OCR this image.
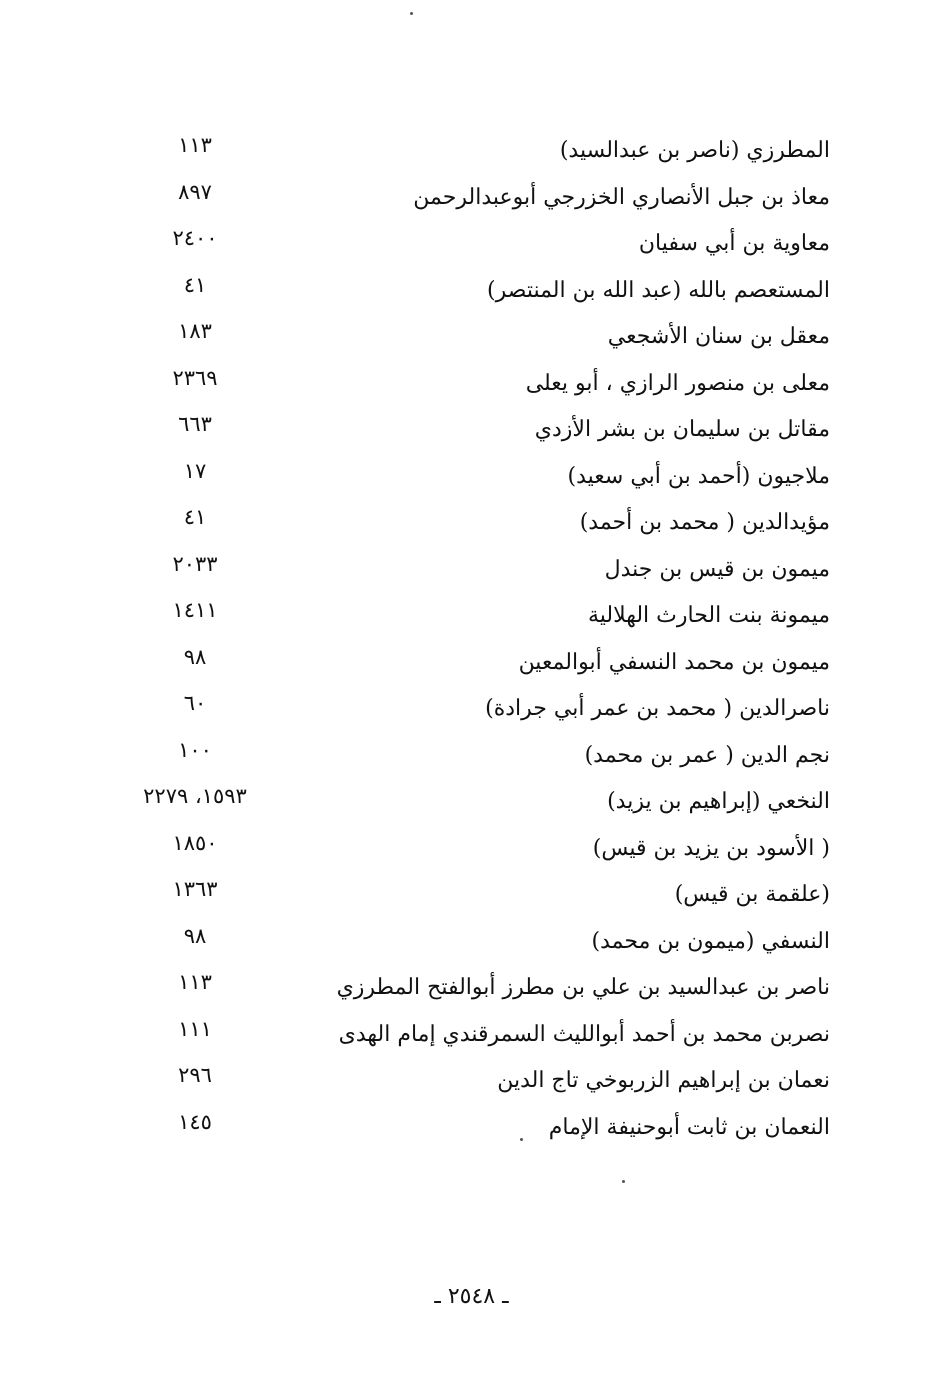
المطرزي (ناصر بن عبدالسيد)
١١٣
معاذ بن جبل الأنصاري الخزرجي أبوعبدالرحمن
٨٩٧
معاوية بن أبي سفيان
٢٤٠٠
المستعصم بالله (عبد الله بن المنتصر)
٤١
معقل بن سنان الأشجعي
١٨٣
معلى بن منصور الرازي ، أبو يعلى
٢٣٦٩
مقاتل بن سليمان بن بشر الأزدي
٦٦٣
ملاجيون (أحمد بن أبي سعيد)
١٧
مؤيدالدين ( محمد بن أحمد)
٤١
ميمون بن قيس بن جندل
٢٠٣٣
ميمونة بنت الحارث الهلالية
١٤١١
ميمون بن محمد النسفي أبوالمعين
٩٨
ناصرالدين ( محمد بن عمر أبي جرادة)
٦٠
نجم الدين ( عمر بن محمد)
١٠٠
النخعي (إبراهيم بن يزيد)
١٥٩٣، ٢٢٧٩
( الأسود بن يزيد بن قيس)
١٨٥٠
(علقمة بن قيس)
١٣٦٣
النسفي (ميمون بن محمد)
٩٨
ناصر بن عبدالسيد بن علي بن مطرز أبوالفتح المطرزي
١١٣
نصربن محمد بن أحمد أبوالليث السمرقندي إمام الهدى
١١١
نعمان بن إبراهيم الزربوخي تاج الدين
٢٩٦
النعمان بن ثابت أبوحنيفة الإمام
١٤٥
ـ ٢٥٤٨ ـ
